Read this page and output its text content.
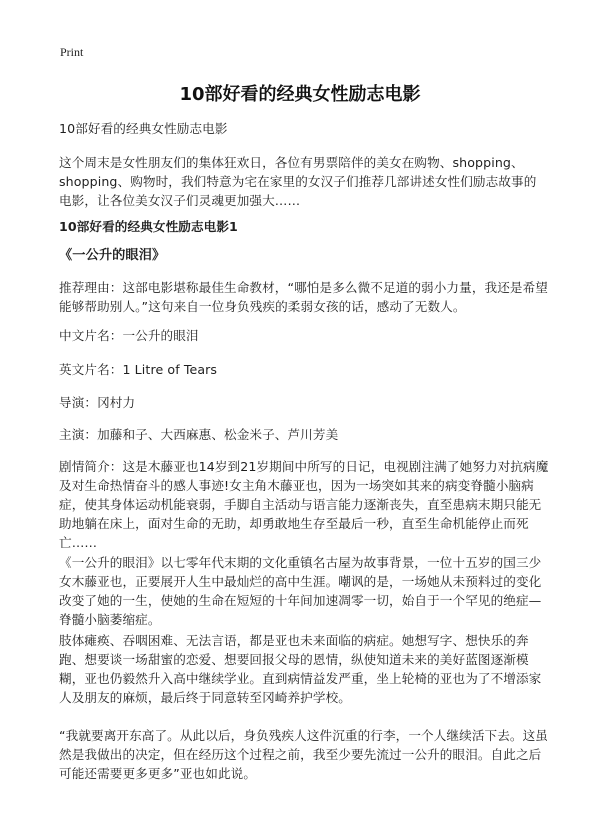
Print
10部好看的经典女性励志电影
10部好看的经典女性励志电影
这个周末是女性朋友们的集体狂欢日，各位有男票陪伴的美女在购物、shopping、shopping、购物时，我们特意为宅在家里的女汉子们推荐几部讲述女性们励志故事的电影，让各位美女汉子们灵魂更加强大……
10部好看的经典女性励志电影1
《一公升的眼泪》
推荐理由：这部电影堪称最佳生命教材，“哪怕是多么微不足道的弱小力量，我还是希望能够帮助别人。”这句来自一位身负残疾的柔弱女孩的话，感动了无数人。
中文片名：一公升的眼泪
英文片名：1 Litre of Tears
导演：冈村力
主演：加藤和子、大西麻惠、松金米子、芦川芳美
剧情简介：这是木藤亚也14岁到21岁期间中所写的日记，电视剧注满了她努力对抗病魔及对生命热情奋斗的感人事迹!女主角木藤亚也，因为一场突如其来的病变脊髓小脑病症，使其身体运动机能衰弱，手脚自主活动与语言能力逐渐丧失，直至患病末期只能无助地躺在床上，面对生命的无助，却勇敢地生存至最后一秒，直至生命机能停止而死亡……
《一公升的眼泪》以七零年代末期的文化重镇名古屋为故事背景，一位十五岁的国三少女木藤亚也，正要展开人生中最灿烂的高中生涯。嘲讽的是，一场她从未预料过的变化改变了她的一生，使她的生命在短短的十年间加速凋零一切，始自于一个罕见的绝症—脊髓小脑萎缩症。
肢体瘫痪、吞咽困难、无法言语，都是亚也未来面临的病症。她想写字、想快乐的奔跑、想要谈一场甜蜜的恋爱、想要回报父母的恩情，纵使知道未来的美好蓝图逐渐模糊，亚也仍毅然升入高中继续学业。直到病情益发严重，坐上轮椅的亚也为了不增添家人及朋友的麻烦，最后终于同意转至冈崎养护学校。
“我就要离开东高了。从此以后，身负残疾人这件沉重的行李，一个人继续活下去。这虽然是我做出的决定，但在经历这个过程之前，我至少要先流过一公升的眼泪。自此之后可能还需要更多更多”亚也如此说。
